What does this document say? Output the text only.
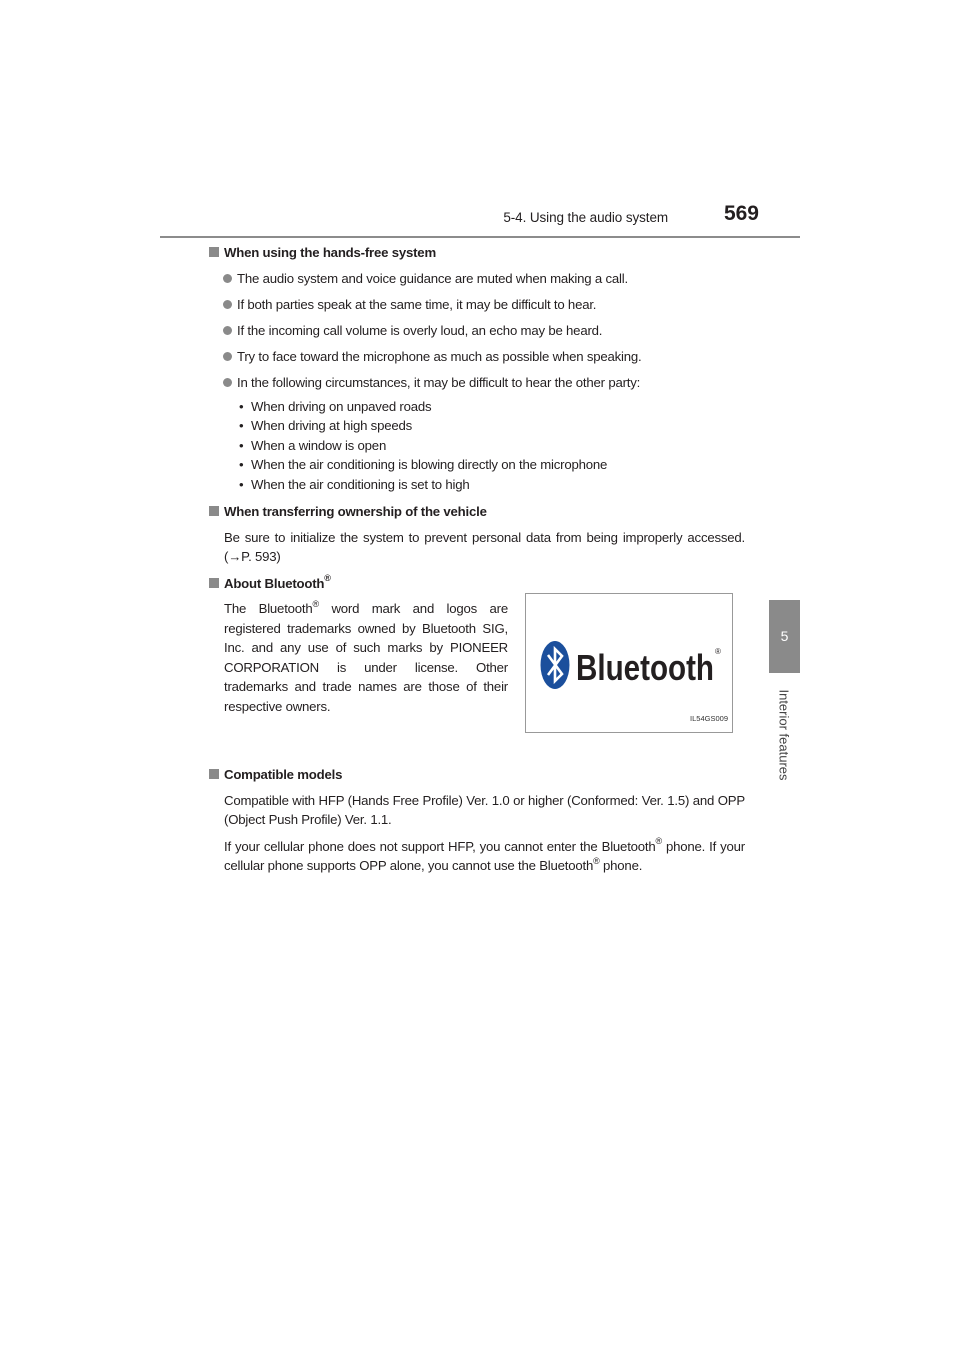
5-4. Using the audio system	569
5
Interior features
When using the hands-free system
The audio system and voice guidance are muted when making a call.
If both parties speak at the same time, it may be difficult to hear.
If the incoming call volume is overly loud, an echo may be heard.
Try to face toward the microphone as much as possible when speaking.
In the following circumstances, it may be difficult to hear the other party:
• When driving on unpaved roads
• When driving at high speeds
• When a window is open
• When the air conditioning is blowing directly on the microphone
• When the air conditioning is set to high
When transferring ownership of the vehicle

Be sure to initialize the system to prevent personal data from being improperly accessed. (→P. 593)

About Bluetooth®
The Bluetooth® word mark and logos are registered trademarks owned by Bluetooth SIG, Inc. and any use of such marks by PIONEER CORPORATION is under license. Other trademarks and trade names are those of their respective owners.
Bluetooth ®
IL54GS009
Compatible models

Compatible with HFP (Hands Free Profile) Ver. 1.0 or higher (Conformed: Ver. 1.5) and OPP (Object Push Profile) Ver. 1.1.

If your cellular phone does not support HFP, you cannot enter the Bluetooth® phone. If your cellular phone supports OPP alone, you cannot use the Bluetooth® phone.
